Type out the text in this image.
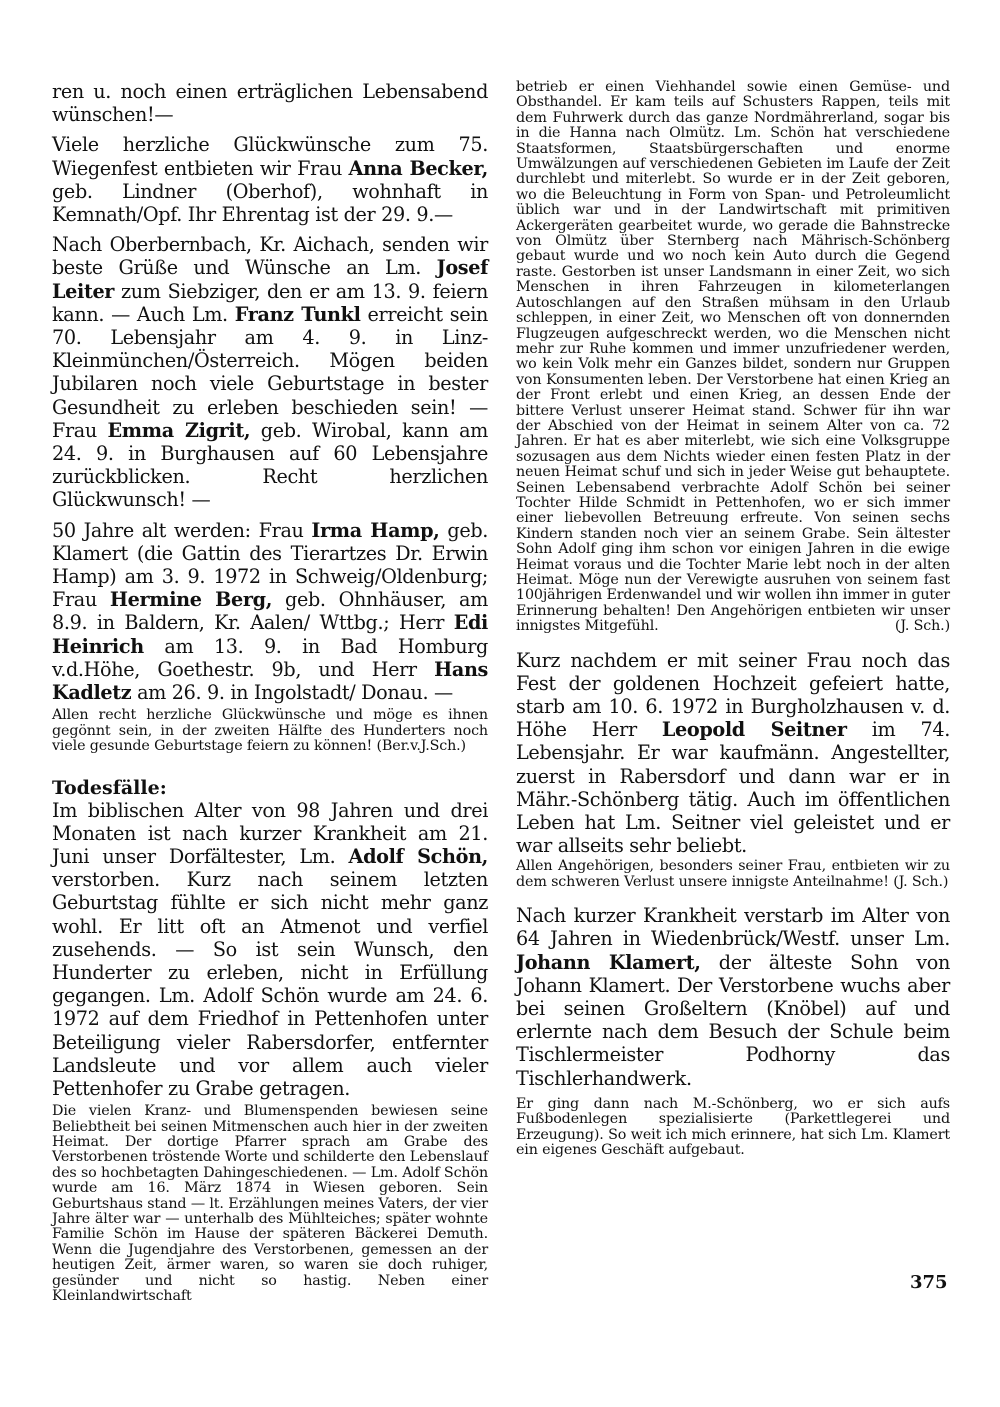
ren u. noch einen erträglichen Lebensabend wünschen!—

Viele herzliche Glückwünsche zum 75. Wiegenfest entbieten wir Frau Anna Becker, geb. Lindner (Oberhof), wohnhaft in Kemnath/Opf. Ihr Ehrentag ist der 29. 9.—

Nach Oberbernbach, Kr. Aichach, senden wir beste Grüße und Wünsche an Lm. Josef Leiter zum Siebziger, den er am 13. 9. feiern kann. — Auch Lm. Franz Tunkl erreicht sein 70. Lebensjahr am 4. 9. in Linz-Kleinmünchen/Österreich. Mögen beiden Jubilaren noch viele Geburtstage in bester Gesundheit zu erleben beschieden sein! — Frau Emma Zigrit, geb. Wirobal, kann am 24. 9. in Burghausen auf 60 Lebensjahre zurückblicken. Recht herzlichen Glückwunsch! —

50 Jahre alt werden: Frau Irma Hamp, geb. Klamert (die Gattin des Tierartzes Dr. Erwin Hamp) am 3. 9. 1972 in Schweig/Oldenburg; Frau Hermine Berg, geb. Ohnhäuser, am 8.9. in Baldern, Kr. Aalen/ Wttbg.; Herr Edi Heinrich am 13. 9. in Bad Homburg v.d.Höhe, Goethestr. 9b, und Herr Hans Kadletz am 26. 9. in Ingolstadt/ Donau. —

Allen recht herzliche Glückwünsche und möge es ihnen gegönnt sein, in der zweiten Hälfte des Hunderters noch viele gesunde Geburtstage feiern zu können! (Ber.v.J.Sch.)

Todesfälle:

Im biblischen Alter von 98 Jahren und drei Monaten ist nach kurzer Krankheit am 21. Juni unser Dorfältester, Lm. Adolf Schön, verstorben. Kurz nach seinem letzten Geburtstag fühlte er sich nicht mehr ganz wohl. Er litt oft an Atmenot und verfiel zusehends. — So ist sein Wunsch, den Hunderter zu erleben, nicht in Erfüllung gegangen. Lm. Adolf Schön wurde am 24. 6. 1972 auf dem Friedhof in Pettenhofen unter Beteiligung vieler Rabersdorfer, entfernter Landsleute und vor allem auch vieler Pettenhofer zu Grabe getragen.

Die vielen Kranz- und Blumenspenden bewiesen seine Beliebtheit bei seinen Mitmenschen auch hier in der zweiten Heimat. Der dortige Pfarrer sprach am Grabe des Verstorbenen tröstende Worte und schilderte den Lebenslauf des so hochbetagten Dahingeschiedenen. — Lm. Adolf Schön wurde am 16. März 1874 in Wiesen geboren. Sein Geburtshaus stand — lt. Erzählungen meines Vaters, der vier Jahre älter war — unterhalb des Mühlteiches; später wohnte Familie Schön im Hause der späteren Bäckerei Demuth. Wenn die Jugendjahre des Verstorbenen, gemessen an der heutigen Zeit, ärmer waren, so waren sie doch ruhiger, gesünder und nicht so hastig. Neben einer Kleinlandwirtschaft

betrieb er einen Viehhandel sowie einen Gemüse- und Obsthandel. Er kam teils auf Schusters Rappen, teils mit dem Fuhrwerk durch das ganze Nordmährerland, sogar bis in die Hanna nach Olmütz. Lm. Schön hat verschiedene Staatsformen, Staatsbürgerschaften und enorme Umwälzungen auf verschiedenen Gebieten im Laufe der Zeit durchlebt und miterlebt. So wurde er in der Zeit geboren, wo die Beleuchtung in Form von Span- und Petroleumlicht üblich war und in der Landwirtschaft mit primitiven Ackergeräten gearbeitet wurde, wo gerade die Bahnstrecke von Olmütz über Sternberg nach Mährisch-Schönberg gebaut wurde und wo noch kein Auto durch die Gegend raste. Gestorben ist unser Landsmann in einer Zeit, wo sich Menschen in ihren Fahrzeugen in kilometerlangen Autoschlangen auf den Straßen mühsam in den Urlaub schleppen, in einer Zeit, wo Menschen oft von donnernden Flugzeugen aufgeschreckt werden, wo die Menschen nicht mehr zur Ruhe kommen und immer unzufriedener werden, wo kein Volk mehr ein Ganzes bildet, sondern nur Gruppen von Konsumenten leben. Der Verstorbene hat einen Krieg an der Front erlebt und einen Krieg, an dessen Ende der bittere Verlust unserer Heimat stand. Schwer für ihn war der Abschied von der Heimat in seinem Alter von ca. 72 Jahren. Er hat es aber miterlebt, wie sich eine Volksgruppe sozusagen aus dem Nichts wieder einen festen Platz in der neuen Heimat schuf und sich in jeder Weise gut behauptete. Seinen Lebensabend verbrachte Adolf Schön bei seiner Tochter Hilde Schmidt in Pettenhofen, wo er sich immer einer liebevollen Betreuung erfreute. Von seinen sechs Kindern standen noch vier an seinem Grabe. Sein ältester Sohn Adolf ging ihm schon vor einigen Jahren in die ewige Heimat voraus und die Tochter Marie lebt noch in der alten Heimat. Möge nun der Verewigte ausruhen von seinem fast 100jährigen Erdenwandel und wir wollen ihn immer in guter Erinnerung behalten! Den Angehörigen entbieten wir unser innigstes Mitgefühl.	(J. Sch.)

Kurz nachdem er mit seiner Frau noch das Fest der goldenen Hochzeit gefeiert hatte, starb am 10. 6. 1972 in Burgholzhausen v. d. Höhe Herr Leopold Seitner im 74. Lebensjahr. Er war kaufmänn. Angestellter, zuerst in Rabersdorf und dann war er in Mähr.-Schönberg tätig. Auch im öffentlichen Leben hat Lm. Seitner viel geleistet und er war allseits sehr beliebt.

Allen Angehörigen, besonders seiner Frau, entbieten wir zu dem schweren Verlust unsere innigste Anteilnahme! (J. Sch.)

Nach kurzer Krankheit verstarb im Alter von 64 Jahren in Wiedenbrück/Westf. unser Lm. Johann Klamert, der älteste Sohn von Johann Klamert. Der Verstorbene wuchs aber bei seinen Großeltern (Knöbel) auf und erlernte nach dem Besuch der Schule beim Tischlermeister Podhorny das Tischlerhandwerk.

Er ging dann nach M.-Schönberg, wo er sich aufs Fußbodenlegen spezialisierte (Parkettlegerei und Erzeugung). So weit ich mich erinnere, hat sich Lm. Klamert ein eigenes Geschäft aufgebaut.

375
